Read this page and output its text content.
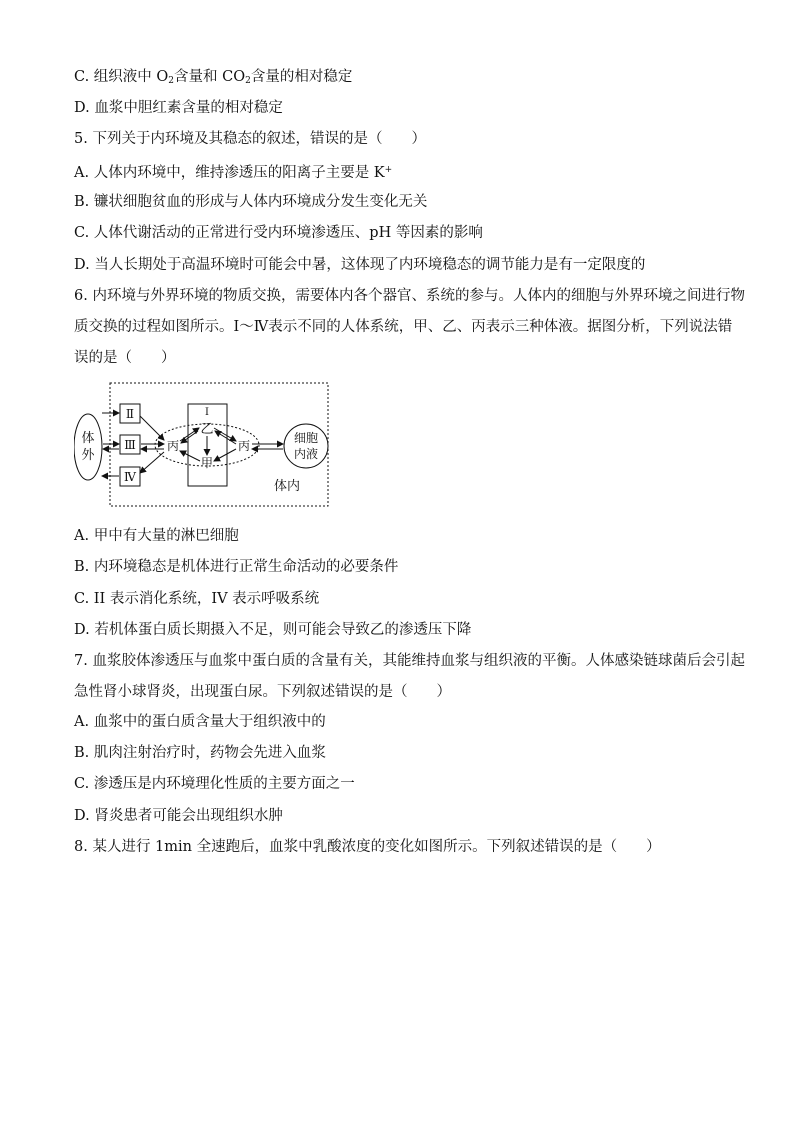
C. 组织液中 $O_2$含量和 $CO_2$含量的相对稳定
D. 血浆中胆红素含量的相对稳定
5. 下列关于内环境及其稳态的叙述，错误的是（　　）
A. 人体内环境中，维持渗透压的阳离子主要是 K+
B. 镰状细胞贫血的形成与人体内环境成分发生变化无关
C. 人体代谢活动的正常进行受内环境渗透压、pH 等因素的影响
D. 当人长期处于高温环境时可能会中暑，这体现了内环境稳态的调节能力是有一定限度的
6. 内环境与外界环境的物质交换，需要体内各个器官、系统的参与。人体内的细胞与外界环境之间进行物
质交换的过程如图所示。Ⅰ～Ⅳ表示不同的人体系统，甲、乙、丙表示三种体液。据图分析，下列说法错
误的是（　　）
体
外
Ⅱ
Ⅲ
Ⅳ
Ⅰ
乙
甲
丙	丙
细胞
内液
体内
A. 甲中有大量的淋巴细胞
B. 内环境稳态是机体进行正常生命活动的必要条件
C. II 表示消化系统，IV 表示呼吸系统
D. 若机体蛋白质长期摄入不足，则可能会导致乙的渗透压下降
7. 血浆胶体渗透压与血浆中蛋白质的含量有关，其能维持血浆与组织液的平衡。人体感染链球菌后会引起
急性肾小球肾炎，出现蛋白尿。下列叙述错误的是（　　）
A. 血浆中的蛋白质含量大于组织液中的
B. 肌肉注射治疗时，药物会先进入血浆
C. 渗透压是内环境理化性质的主要方面之一
D. 肾炎患者可能会出现组织水肿
8. 某人进行 1min 全速跑后，血浆中乳酸浓度的变化如图所示。下列叙述错误的是（　　）
